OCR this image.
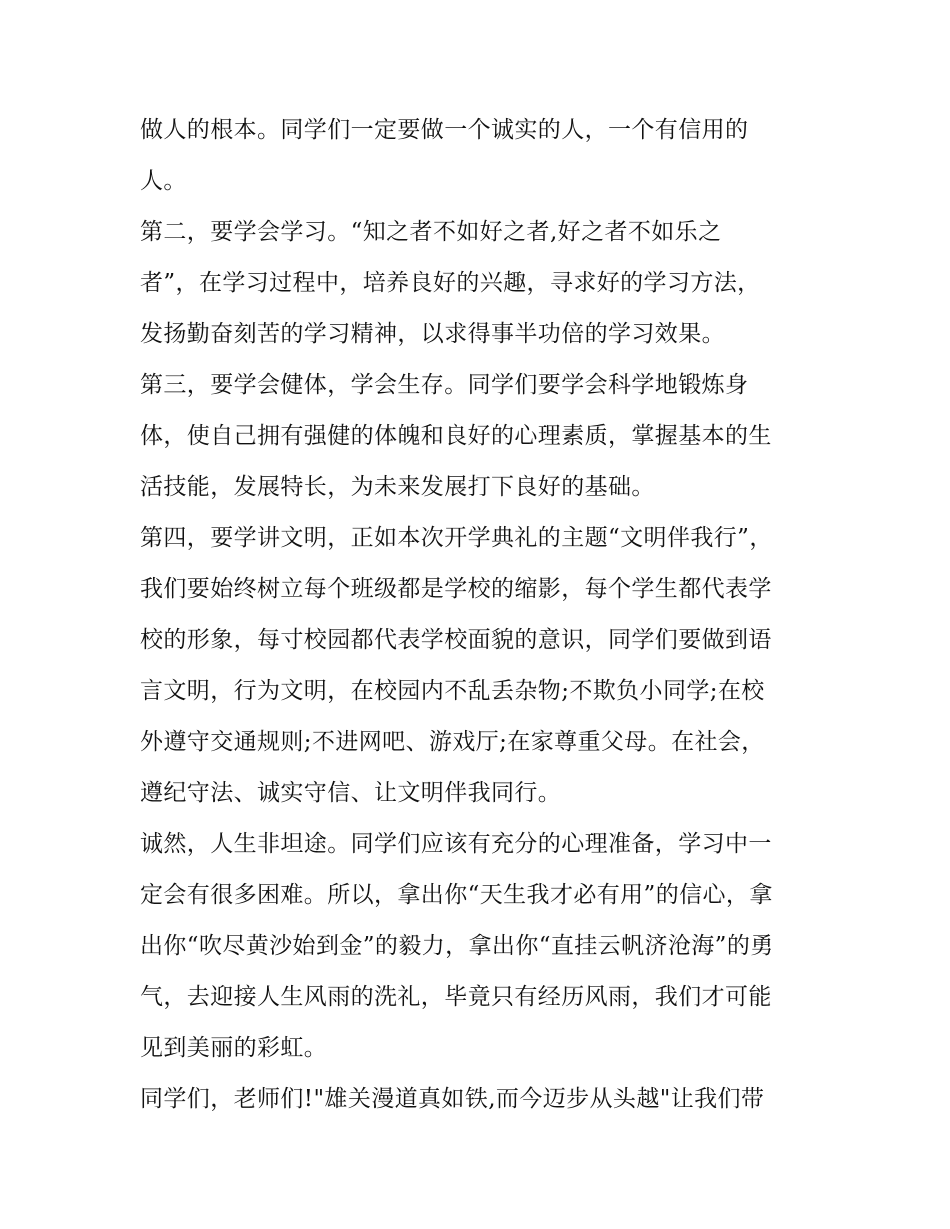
做人的根本。同学们一定要做一个诚实的人，一个有信用的
人。
第二，要学会学习。“知之者不如好之者,好之者不如乐之
者”，在学习过程中，培养良好的兴趣，寻求好的学习方法，
发扬勤奋刻苦的学习精神，以求得事半功倍的学习效果。
第三，要学会健体，学会生存。同学们要学会科学地锻炼身
体，使自己拥有强健的体魄和良好的心理素质，掌握基本的生
活技能，发展特长，为未来发展打下良好的基础。
第四，要学讲文明，正如本次开学典礼的主题“文明伴我行”，
我们要始终树立每个班级都是学校的缩影，每个学生都代表学
校的形象，每寸校园都代表学校面貌的意识，同学们要做到语
言文明，行为文明，在校园内不乱丢杂物;不欺负小同学;在校
外遵守交通规则;不进网吧、游戏厅;在家尊重父母。在社会，
遵纪守法、诚实守信、让文明伴我同行。
诚然，人生非坦途。同学们应该有充分的心理准备，学习中一
定会有很多困难。所以，拿出你“天生我才必有用”的信心，拿
出你“吹尽黄沙始到金”的毅力，拿出你“直挂云帆济沧海”的勇
气，去迎接人生风雨的洗礼，毕竟只有经历风雨，我们才可能
见到美丽的彩虹。
同学们，老师们!"雄关漫道真如铁,而今迈步从头越"让我们带
